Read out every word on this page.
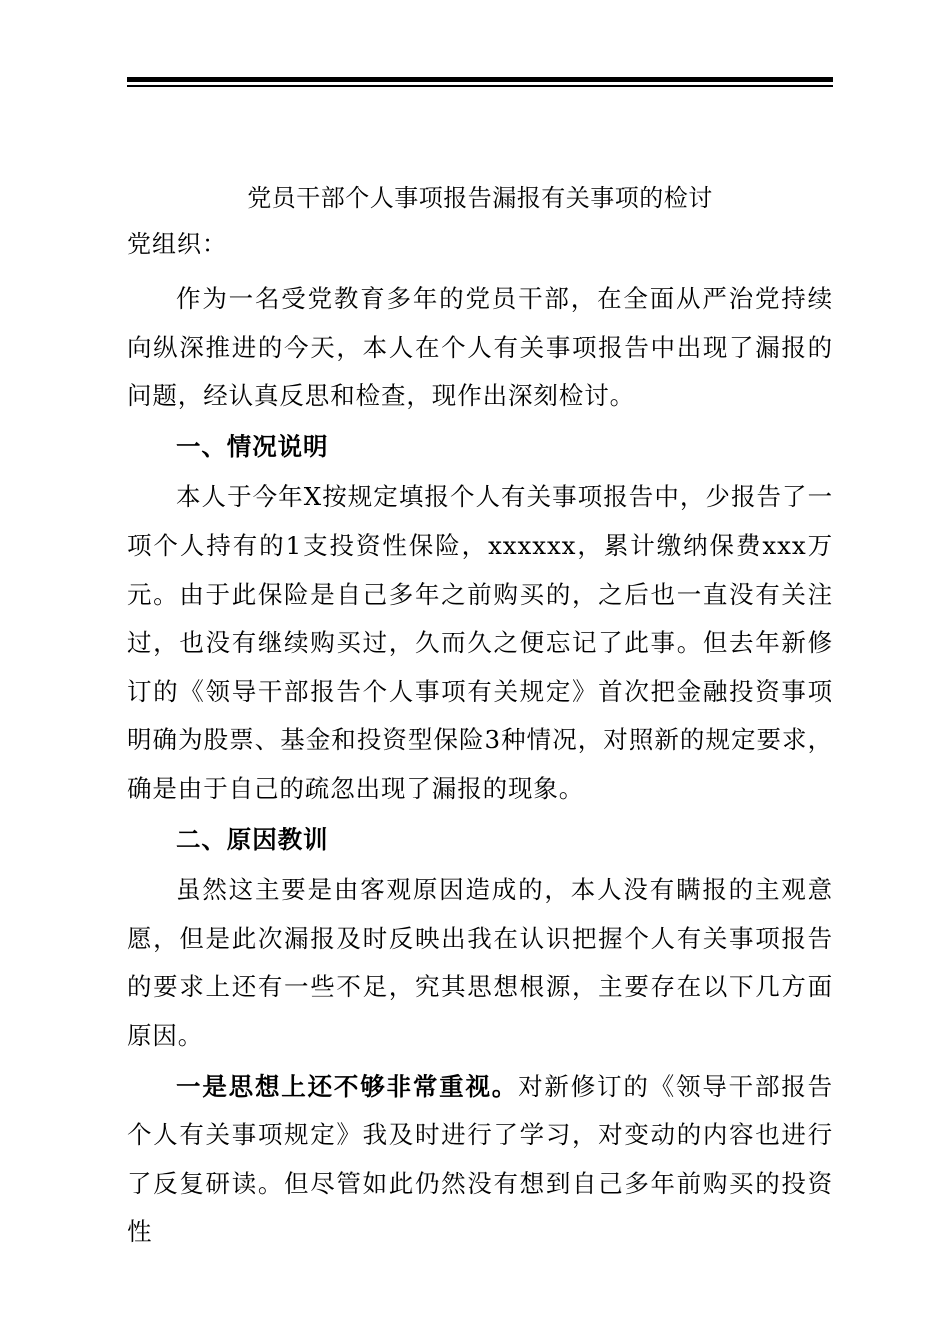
党员干部个人事项报告漏报有关事项的检讨
党组织：

作为一名受党教育多年的党员干部，在全面从严治党持续向纵深推进的今天，本人在个人有关事项报告中出现了漏报的问题，经认真反思和检查，现作出深刻检讨。

一、情况说明

本人于今年X按规定填报个人有关事项报告中，少报告了一项个人持有的1支投资性保险，xxxxxx，累计缴纳保费xxx万元。由于此保险是自己多年之前购买的，之后也一直没有关注过，也没有继续购买过，久而久之便忘记了此事。但去年新修订的《领导干部报告个人事项有关规定》首次把金融投资事项明确为股票、基金和投资型保险3种情况，对照新的规定要求，确是由于自己的疏忽出现了漏报的现象。

二、原因教训

虽然这主要是由客观原因造成的，本人没有瞒报的主观意愿，但是此次漏报及时反映出我在认识把握个人有关事项报告的要求上还有一些不足，究其思想根源，主要存在以下几方面原因。

一是思想上还不够非常重视。对新修订的《领导干部报告个人有关事项规定》我及时进行了学习，对变动的内容也进行了反复研读。但尽管如此仍然没有想到自己多年前购买的投资性
